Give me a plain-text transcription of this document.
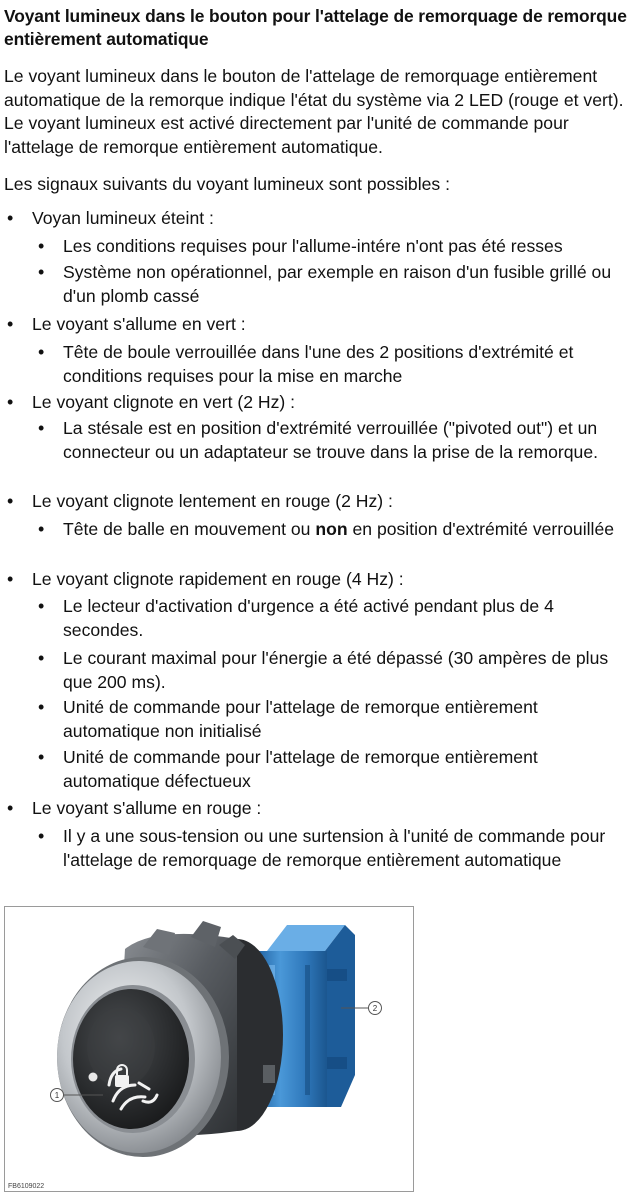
Voyant lumineux dans le bouton pour l'attelage de remorquage de remorque entièrement automatique

Le voyant lumineux dans le bouton de l'attelage de remorquage entièrement automatique de la remorque indique l'état du système via 2 LED (rouge et vert). Le voyant lumineux est activé directement par l'unité de commande pour l'attelage de remorque entièrement automatique.

Les signaux suivants du voyant lumineux sont possibles :

• Voyan lumineux éteint :

• Les conditions requises pour l'allume-intére n'ont pas été resses

• Système non opérationnel, par exemple en raison d'un fusible grillé ou d'un plomb cassé

• Le voyant s'allume en vert :

• Tête de boule verrouillée dans l'une des 2 positions d'extrémité et conditions requises pour la mise en marche

• Le voyant clignote en vert (2 Hz) :

• La stésale est en position d'extrémité verrouillée ("pivoted out") et un connecteur ou un adaptateur se trouve dans la prise de la remorque.

• Le voyant clignote lentement en rouge (2 Hz) :

• Tête de balle en mouvement ou non en position d'extrémité verrouillée

• Le voyant clignote rapidement en rouge (4 Hz) :

• Le lecteur d'activation d'urgence a été activé pendant plus de 4 secondes.

• Le courant maximal pour l'énergie a été dépassé (30 ampères de plus que 200 ms).

• Unité de commande pour l'attelage de remorque entièrement automatique non initialisé

• Unité de commande pour l'attelage de remorque entièrement automatique défectueux

• Le voyant s'allume en rouge :

• Il y a une sous-tension ou une surtension à l'unité de commande pour l'attelage de remorquage de remorque entièrement automatique

1
2
FB6109022
